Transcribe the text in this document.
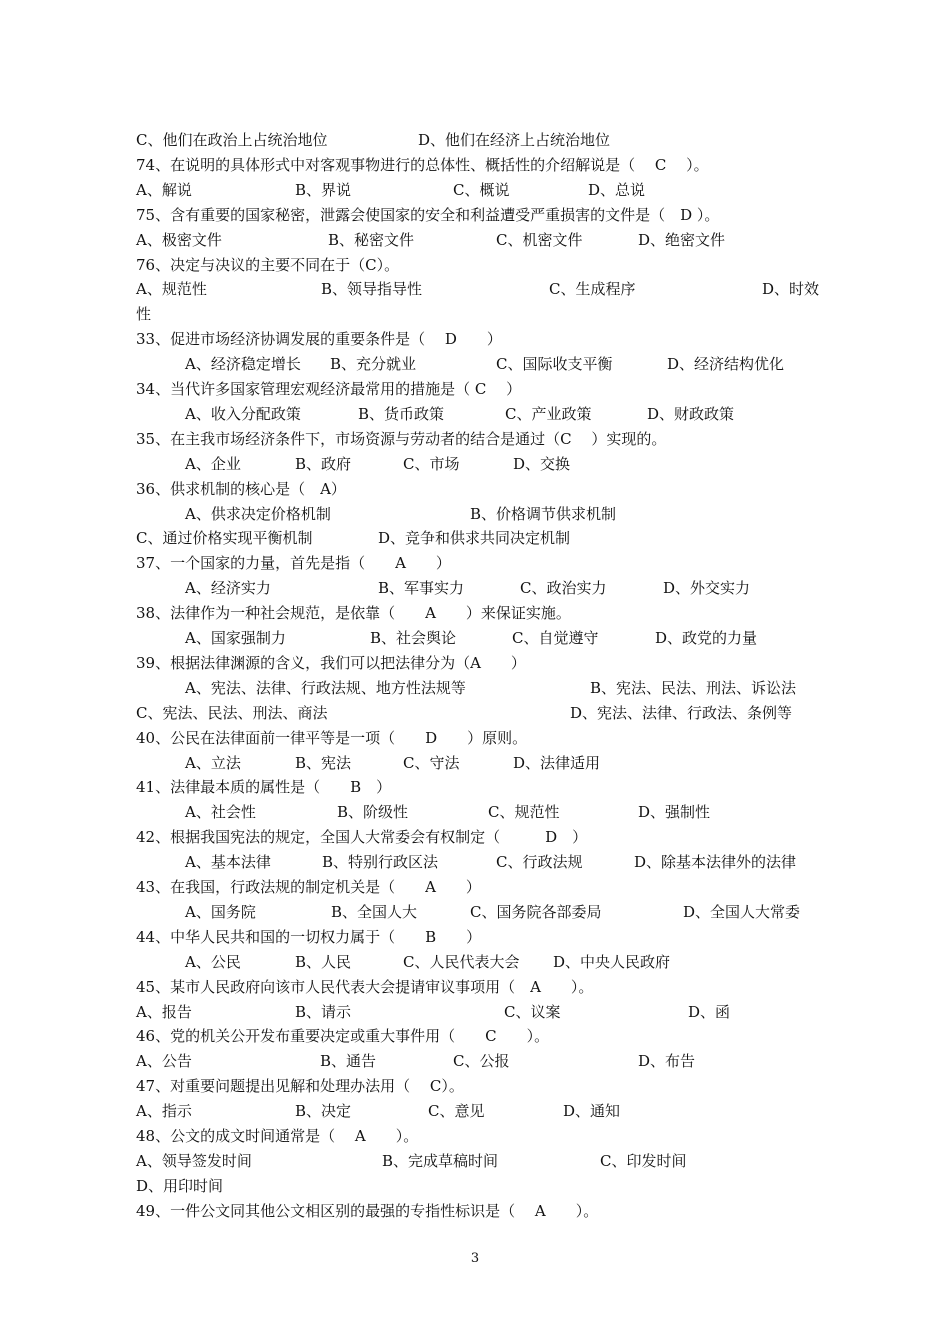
C、他们在政治上占统治地位	D、他们在经济上占统治地位
74、在说明的具体形式中对客观事物进行的总体性、概括性的介绍解说是（　 C　 ）。
A、解说	B、界说	C、概说	D、总说
75、含有重要的国家秘密，泄露会使国家的安全和利益遭受严重损害的文件是（　D ）。
A、极密文件	B、秘密文件	C、机密文件	D、绝密文件
76、决定与决议的主要不同在于（C）。
A、规范性	B、领导指导性	C、生成程序	D、时效
性
33、促进市场经济协调发展的重要条件是（　 D　　）
A、经济稳定增长 B、充分就业	C、国际收支平衡	D、经济结构优化
34、当代许多国家管理宏观经济最常用的措施是（ C　 ）
A、收入分配政策	B、货币政策	C、产业政策	D、财政政策
35、在主我市场经济条件下，市场资源与劳动者的结合是通过（C　 ）实现的。
A、企业	B、政府	C、市场	D、交换
36、供求机制的核心是（　A）
A、供求决定价格机制	B、价格调节供求机制
C、通过价格实现平衡机制	D、竞争和供求共同决定机制
37、一个国家的力量，首先是指（　　A　　）
A、经济实力	B、军事实力	C、政治实力	D、外交实力
38、法律作为一种社会规范，是依靠（　　A　　）来保证实施。
A、国家强制力	B、社会舆论	C、自觉遵守	D、政党的力量
39、根据法律渊源的含义，我们可以把法律分为（A　　）
A、宪法、法律、行政法规、地方性法规等	B、宪法、民法、刑法、诉讼法
C、宪法、民法、刑法、商法	D、宪法、法律、行政法、条例等
40、公民在法律面前一律平等是一项（　　D　　）原则。
A、立法	B、宪法	C、守法	D、法律适用
41、法律最本质的属性是（　　B　）
A、社会性	B、阶级性	C、规范性	D、强制性
42、根据我国宪法的规定，全国人大常委会有权制定（　　　D　）
A、基本法律	B、特别行政区法	C、行政法规	D、除基本法律外的法律
43、在我国，行政法规的制定机关是（　　A　　）
A、国务院	B、全国人大	C、国务院各部委局	D、全国人大常委
44、中华人民共和国的一切权力属于（　　B　　）
A、公民	B、人民	C、人民代表大会 D、中央人民政府
45、某市人民政府向该市人民代表大会提请审议事项用（　A　　）。
A、报告	B、请示	C、议案	D、函
46、党的机关公开发布重要决定或重大事件用（　　C　　）。
A、公告	B、通告	C、公报	D、布告
47、对重要问题提出见解和处理办法用（　 C）。
A、指示	B、决定	C、意见	D、通知
48、公文的成文时间通常是（　 A　　）。
A、领导签发时间	B、完成草稿时间	C、印发时间
D、用印时间
49、一件公文同其他公文相区别的最强的专指性标识是（　 A　　）。
3
